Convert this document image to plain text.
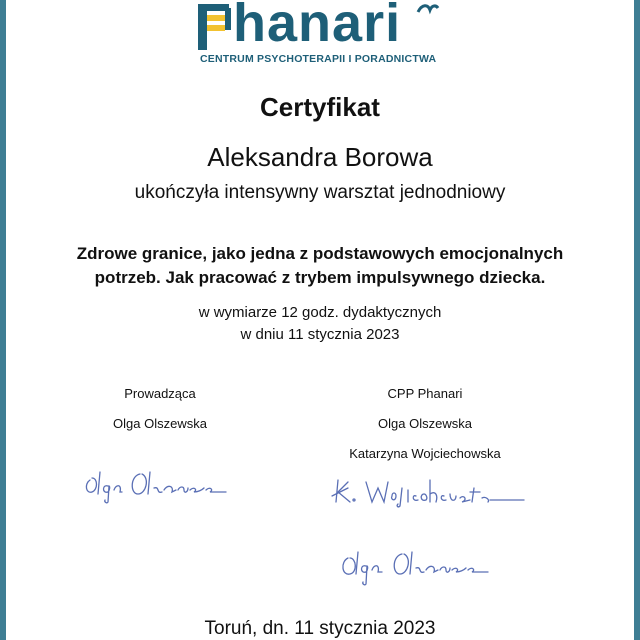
hanari
CENTRUM PSYCHOTERAPII I PORADNICTWA
Certyfikat
Aleksandra Borowa
ukończyła intensywny warsztat jednodniowy
Zdrowe granice, jako jedna z podstawowych emocjonalnych
potrzeb. Jak pracować z trybem impulsywnego dziecka.
w wymiarze 12 godz. dydaktycznych
w dniu 11 stycznia 2023
Prowadząca
Olga Olszewska
CPP Phanari
Olga Olszewska
Katarzyna Wojciechowska
Toruń, dn. 11 stycznia 2023
